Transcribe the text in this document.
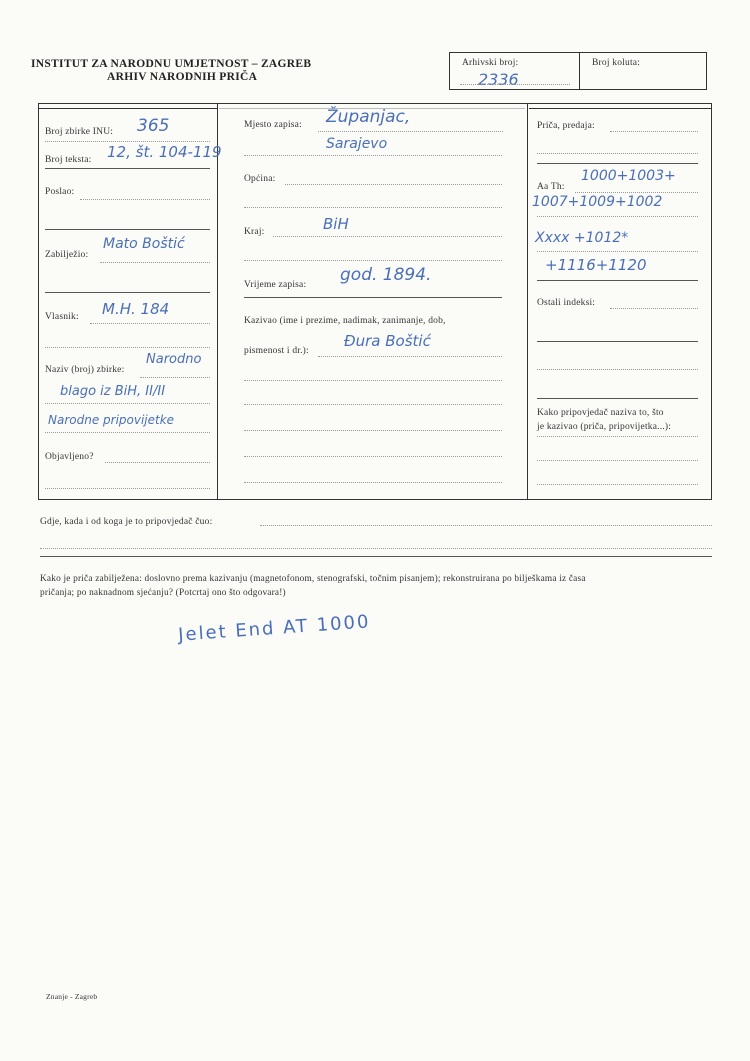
INSTITUT ZA NARODNU UMJETNOST – ZAGREB
ARHIV NARODNIH PRIČA
Arhivski broj:
2336
Broj koluta:
Broj zbirke INU: 365
Broj teksta: 12, št. 104-119
Poslao:
Zabilježio:
Mato Boštić
Vlasnik: M.H. 184
Naziv (broj) zbirke:
Narodno
blago iz BiH, II/II
Narodne pripovijetke
Objavljeno?
Mjesto zapisa: Županjac,
Sarajevo
Općina:
Kraj:	BiH
Vrijeme zapisa: god. 1894.
Kazivao (ime i prezime, nadimak, zanimanje, dob,
pismenost i dr.):
Đura Boštić
Priča, predaja:
Aa Th:
1000+1003+
1007+1009+1002
Xxxx +1012*
+1116+1120
Ostali indeksi:
Kako pripovjedač naziva to, što
je kazivao (priča, pripovijetka...):
Gdje, kada i od koga je to pripovjedač čuo:
Kako je priča zabilježena: doslovno prema kazivanju (magnetofonom, stenografski, točnim pisanjem); rekonstruirana po bilješkama iz časa
pričanja; po naknadnom sjećanju? (Potcrtaj ono što odgovara!)
Jelet End AT 1000
Znanje - Zagreb
